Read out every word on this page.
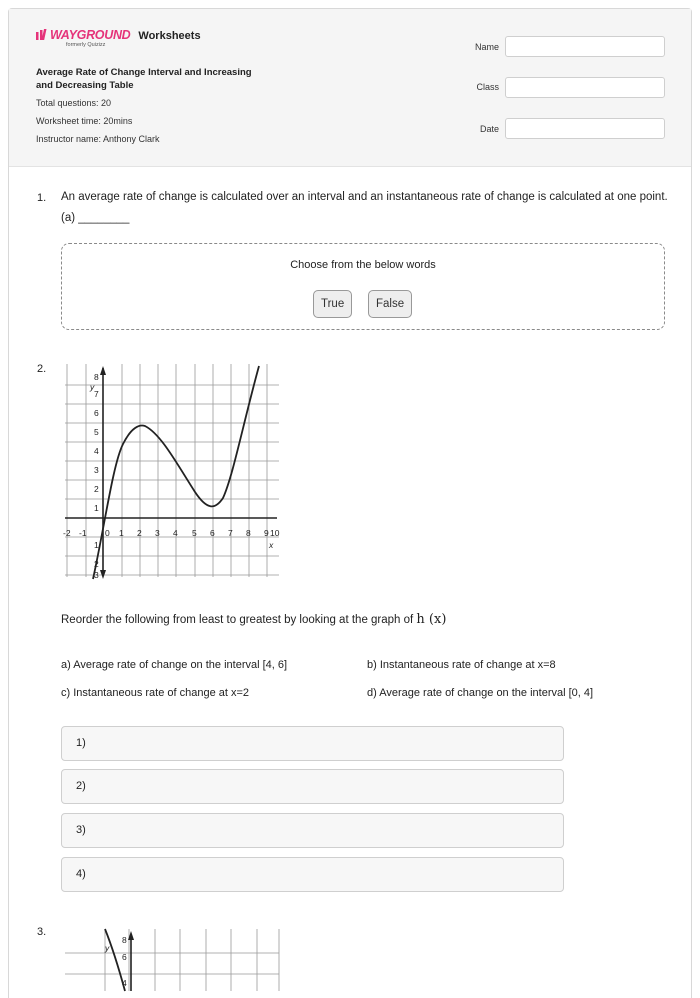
WAYGROUND
formerly Quizizz
Worksheets
Average Rate of Change Interval and Increasing and Decreasing Table
Total questions: 20
Worksheet time: 20mins
Instructor name: Anthony Clark
Name
Class
Date
1. An average rate of change is calculated over an interval and an instantaneous rate of change is calculated at one point. (a) ________
Choose from the below words
True	False
2.
y
8
7
6
5
4
3
2
1
1
2
3
-2 -1 0 1 2 3 4 5 6 7 8 9 10
x
Reorder the following from least to greatest by looking at the graph of h (x)
a) Average rate of change on the interval [4, 6]	b) Instantaneous rate of change at x=8
c) Instantaneous rate of change at x=2	d) Average rate of change on the interval [0, 4]
1)
2)
3)
4)
3.
y
8
6
4
